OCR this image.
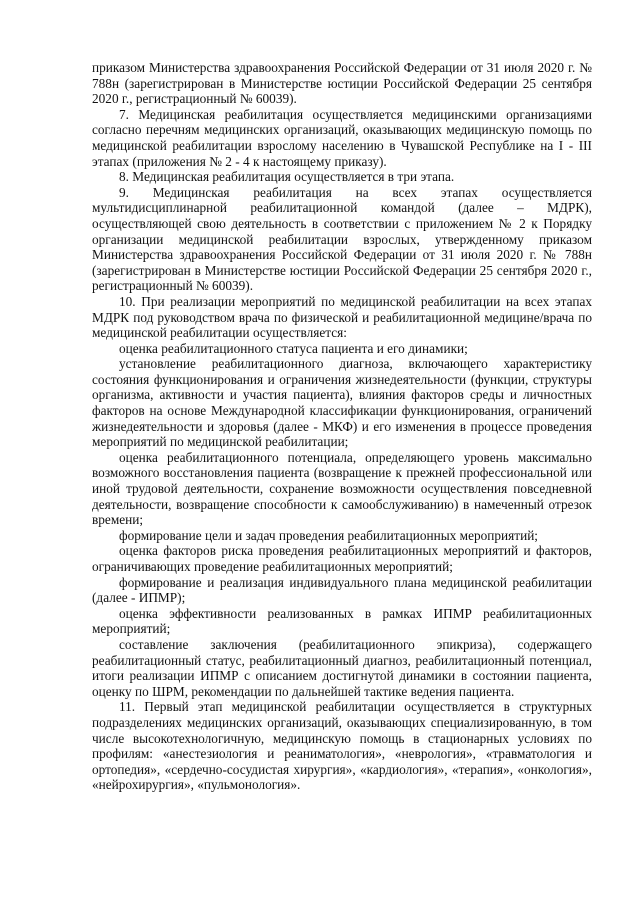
приказом Министерства здравоохранения Российской Федерации от 31 июля 2020 г. № 788н (зарегистрирован в Министерстве юстиции Российской Федерации 25 сентября 2020 г., регистрационный № 60039).

7. Медицинская реабилитация осуществляется медицинскими организациями согласно перечням медицинских организаций, оказывающих медицинскую помощь по медицинской реабилитации взрослому населению в Чувашской Республике на I - III этапах (приложения № 2 - 4 к настоящему приказу).

8. Медицинская реабилитация осуществляется в три этапа.

9. Медицинская реабилитация на всех этапах осуществляется мультидисциплинарной реабилитационной командой (далее – МДРК), осуществляющей свою деятельность в соответствии с приложением № 2 к Порядку организации медицинской реабилитации взрослых, утвержденному приказом Министерства здравоохранения Российской Федерации от 31 июля 2020 г. № 788н (зарегистрирован в Министерстве юстиции Российской Федерации 25 сентября 2020 г., регистрационный № 60039).

10. При реализации мероприятий по медицинской реабилитации на всех этапах МДРК под руководством врача по физической и реабилитационной медицине/врача по медицинской реабилитации осуществляется:

оценка реабилитационного статуса пациента и его динамики;

установление реабилитационного диагноза, включающего характеристику состояния функционирования и ограничения жизнедеятельности (функции, структуры организма, активности и участия пациента), влияния факторов среды и личностных факторов на основе Международной классификации функционирования, ограничений жизнедеятельности и здоровья (далее - МКФ) и его изменения в процессе проведения мероприятий по медицинской реабилитации;

оценка реабилитационного потенциала, определяющего уровень максимально возможного восстановления пациента (возвращение к прежней профессиональной или иной трудовой деятельности, сохранение возможности осуществления повседневной деятельности, возвращение способности к самообслуживанию) в намеченный отрезок времени;

формирование цели и задач проведения реабилитационных мероприятий;

оценка факторов риска проведения реабилитационных мероприятий и факторов, ограничивающих проведение реабилитационных мероприятий;

формирование и реализация индивидуального плана медицинской реабилитации (далее - ИПМР);

оценка эффективности реализованных в рамках ИПМР реабилитационных мероприятий;

составление заключения (реабилитационного эпикриза), содержащего реабилитационный статус, реабилитационный диагноз, реабилитационный потенциал, итоги реализации ИПМР с описанием достигнутой динамики в состоянии пациента, оценку по ШРМ, рекомендации по дальнейшей тактике ведения пациента.

11. Первый этап медицинской реабилитации осуществляется в структурных подразделениях медицинских организаций, оказывающих специализированную, в том числе высокотехнологичную, медицинскую помощь в стационарных условиях по профилям: «анестезиология и реаниматология», «неврология», «травматология и ортопедия», «сердечно-сосудистая хирургия», «кардиология», «терапия», «онкология», «нейрохирургия», «пульмонология».
